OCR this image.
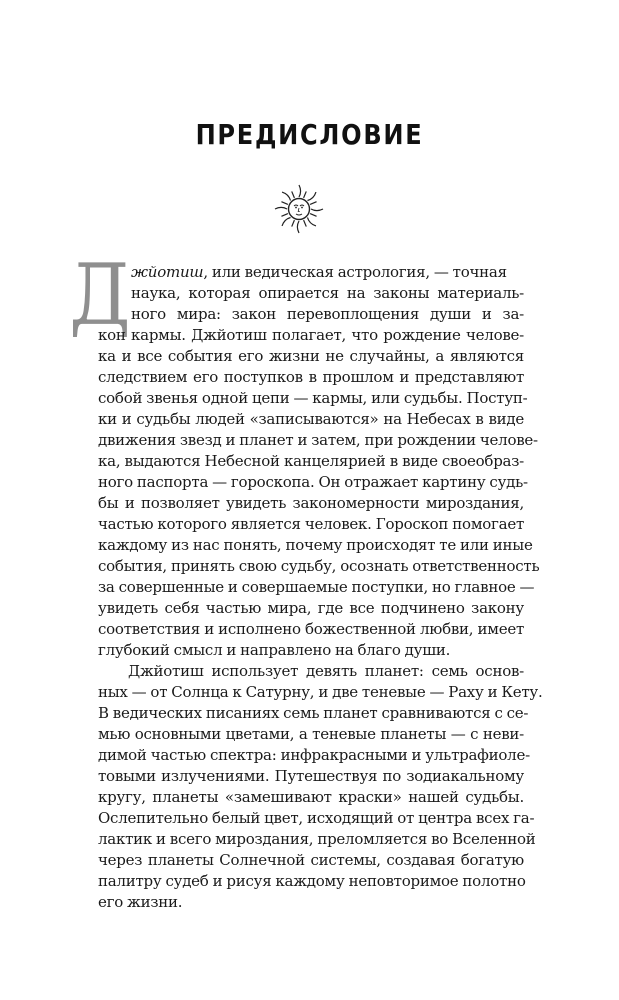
ПРЕДИСЛОВИЕ
Д жйотиш, или ведическая астрология, — точная
наука, которая опирается на законы материаль-
ного мира: закон перевоплощения души и за-
кон кармы. Джйотиш полагает, что рождение челове-
ка и все события его жизни не случайны, а являются
следствием его поступков в прошлом и представляют
собой звенья одной цепи — кармы, или судьбы. Поступ-
ки и судьбы людей «записываются» на Небесах в виде
движения звезд и планет и затем, при рождении челове-
ка, выдаются Небесной канцелярией в виде своеобраз-
ного паспорта — гороскопа. Он отражает картину судь-
бы и позволяет увидеть закономерности мироздания,
частью которого является человек. Гороскоп помогает
каждому из нас понять, почему происходят те или иные
события, принять свою судьбу, осознать ответственность
за совершенные и совершаемые поступки, но главное —
увидеть себя частью мира, где все подчинено закону
соответствия и исполнено божественной любви, имеет
глубокий смысл и направлено на благо души.
Джйотиш использует девять планет: семь основ-
ных — от Солнца к Сатурну, и две теневые — Раху и Кету.
В ведических писаниях семь планет сравниваются с се-
мью основными цветами, а теневые планеты — с неви-
димой частью спектра: инфракрасными и ультрафиоле-
товыми излучениями. Путешествуя по зодиакальному
кругу, планеты «замешивают краски» нашей судьбы.
Ослепительно белый цвет, исходящий от центра всех га-
лактик и всего мироздания, преломляется во Вселенной
через планеты Солнечной системы, создавая богатую
палитру судеб и рисуя каждому неповторимое полотно
его жизни.
